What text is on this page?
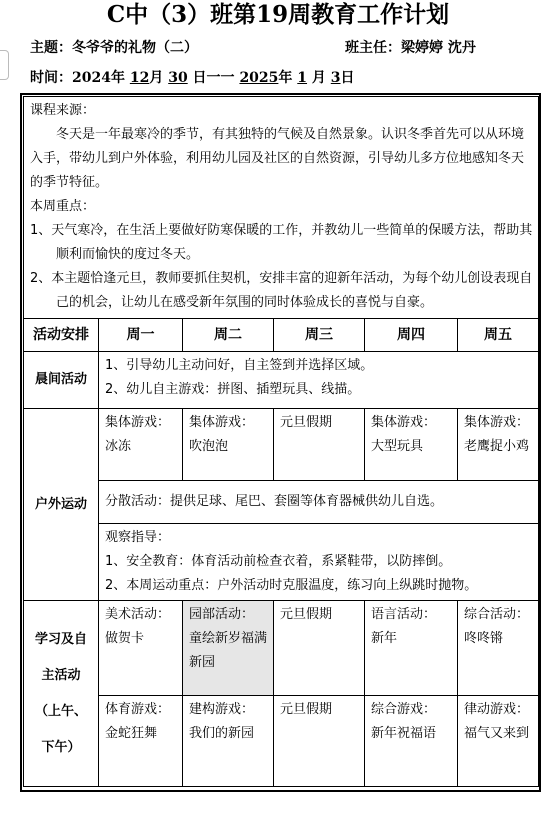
C中（3）班第19周教育工作计划
主题：冬爷爷的礼物（二）	班主任：梁婷婷 沈丹
时间：2024年 12月 30 日一一 2025年 1 月 3日

课程来源：

冬天是一年最寒冷的季节，有其独特的气候及自然景象。认识冬季首先可以从环境入手，带幼儿到户外体验，利用幼儿园及社区的自然资源，引导幼儿多方位地感知冬天的季节特征。

本周重点：

1、天气寒冷，在生活上要做好防寒保暖的工作，并教幼儿一些简单的保暖方法，帮助其顺利而愉快的度过冬天。

2、本主题恰逢元旦，教师要抓住契机，安排丰富的迎新年活动，为每个幼儿创设表现自己的机会，让幼儿在感受新年氛围的同时体验成长的喜悦与自豪。					

活动安排	周一	周二	周三	周四	周五
晨间活动	1、引导幼儿主动问好，自主签到并选择区域。
2、幼儿自主游戏：拼图、插塑玩具、线描。				

户外运动	集体游戏：
冰冻	集体游戏：
吹泡泡	元旦假期	集体游戏：
大型玩具	集体游戏：
老鹰捉小鸡

	分散活动：提供足球、尾巴、套圈等体育器械供幼儿自选。				

	观察指导：
1、安全教育：体育活动前检查衣着，系紧鞋带，以防摔倒。
2、本周运动重点：户外活动时克服温度，练习向上纵跳时抛物。				

学习及自
主活动
（上午、
下午）	美术活动：
做贺卡	园部活动：
童绘新岁福满新园	元旦假期	语言活动：
新年	综合活动：
咚咚锵

	体育游戏：
金蛇狂舞	建构游戏：
我们的新园	元旦假期	综合游戏：
新年祝福语	律动游戏：
福气又来到
